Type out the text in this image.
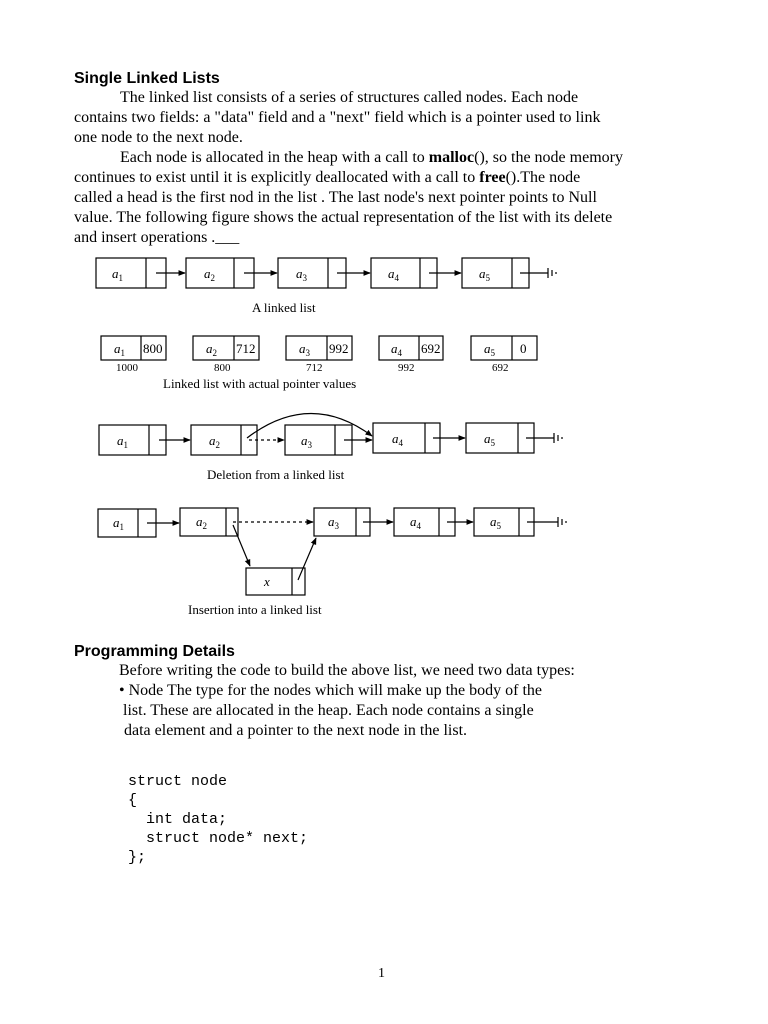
Single Linked Lists

The linked list consists of a series of structures called nodes. Each node
contains two fields: a "data" field and a "next" field which is a pointer used to link
one node to the next node.

Each node is allocated in the heap with a call to malloc(), so the node memory
continues to exist until it is explicitly deallocated with a call to free().The node
called a head is the first nod in the list . The last node's next pointer points to Null
value. The following figure shows the actual representation of the list with its delete
and insert operations .___

$a_1$	$a_2$	$a_3$	$a_4$	$a_5$
A linked list
$a_1$	$a_2$	$a_3$	$a_4$	$a_5$
800	712	992	692	0
1000	800	712	992	692
Linked list with actual pointer values
$a_1$	$a_2$	$a_3$	$a_4$	$a_5$
Deletion from a linked list
$a_1$	$a_2$	$a_3$	$a_4$	$a_5$
x
Insertion into a linked list

Programming Details

Before writing the code to build the above list, we need two data types:
• Node The type for the nodes which will make up the body of the
list. These are allocated in the heap. Each node contains a single
data element and a pointer to the next node in the list.

struct node
{
int data;
struct node* next;
};

1
